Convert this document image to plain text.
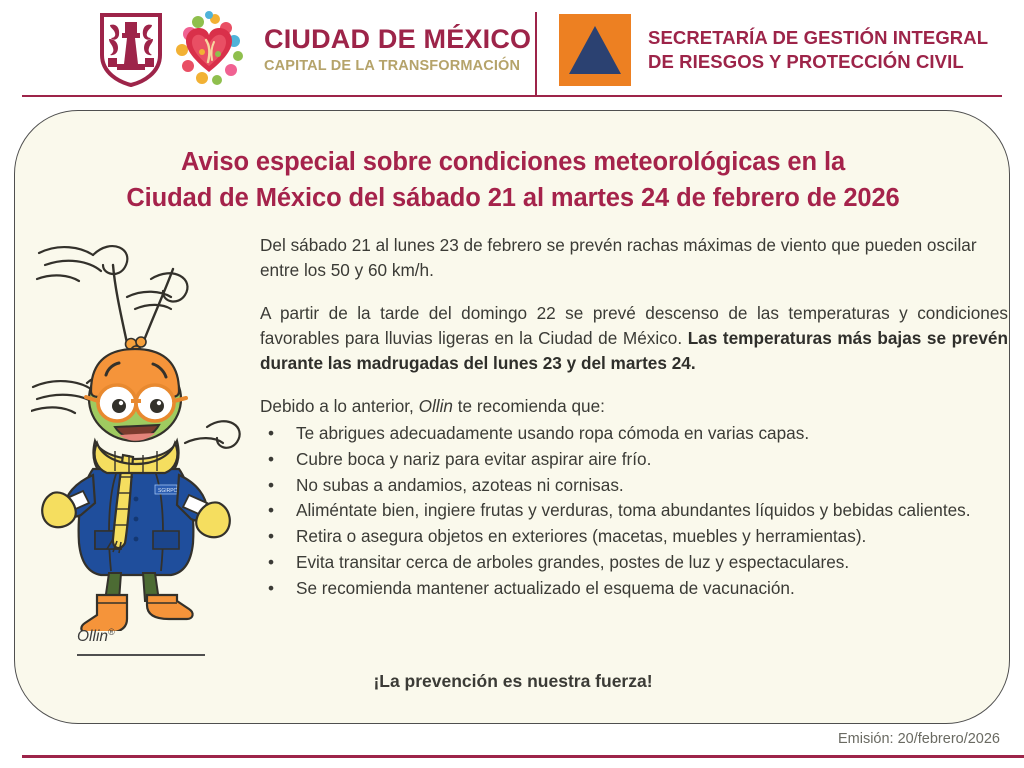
CIUDAD DE MÉXICO
CAPITAL DE LA TRANSFORMACIÓN
SECRETARÍA DE GESTIÓN INTEGRAL
DE RIESGOS Y PROTECCIÓN CIVIL
Aviso especial sobre condiciones meteorológicas en la
Ciudad de México del sábado 21 al martes 24 de febrero de 2026
SGIRPC
Ollin®

Del sábado 21 al lunes 23 de febrero se prevén rachas máximas de viento que pueden oscilar entre los 50 y 60 km/h.

A partir de la tarde del domingo 22 se prevé descenso de las temperaturas y condiciones favorables para lluvias ligeras en la Ciudad de México. Las temperaturas más bajas se prevén durante las madrugadas del lunes 23 y del martes 24.

Debido a lo anterior, Ollin te recomienda que:

• Te abrigues adecuadamente usando ropa cómoda en varias capas.
• Cubre boca y nariz para evitar aspirar aire frío.
• No subas a andamios, azoteas ni cornisas.
• Aliméntate bien, ingiere frutas y verduras, toma abundantes líquidos y bebidas calientes.
• Retira o asegura objetos en exteriores (macetas, muebles y herramientas).
• Evita transitar cerca de arboles grandes, postes de luz y espectaculares.
• Se recomienda mantener actualizado el esquema de vacunación.
¡La prevención es nuestra fuerza!
Emisión: 20/febrero/2026
